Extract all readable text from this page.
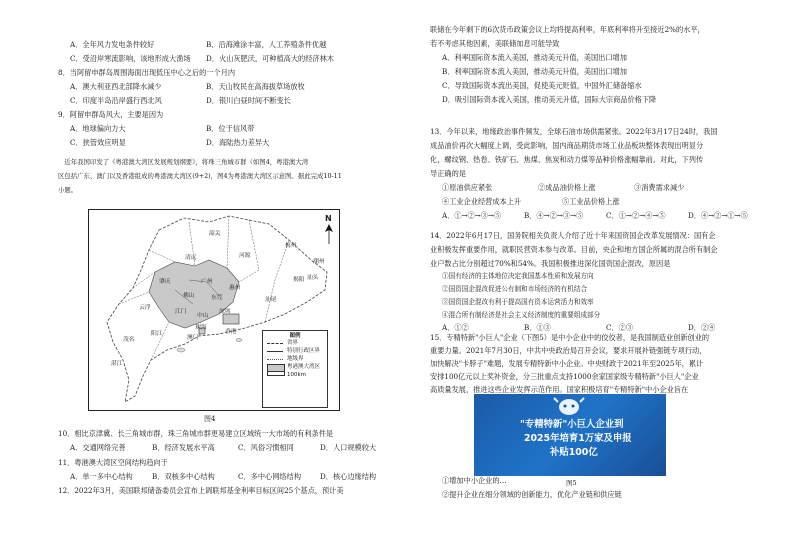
A．全年风力发电条件较好	B．沿海滩涂丰富，人工养殖条件优越
C．受沿岸寒流影响，该地形成大渔场 D．火山灰肥沃，可种植高大的经济林木
8．当阿留申群岛周围海面出现低压中心之后的一个月内
A．澳大利亚西北部降水减少	B．天山牧民在高海拔草场放牧
C．印度半岛沿岸盛行西北风	D．银川白昼时间不断变长
9．阿留申群岛风大，主要是因为
A．地球偏向力大	B．位于信风带
C．狭管效应明显	D．海陆热力差异大
　近年我国印发了《粤港澳大湾区发展规划纲要》，将珠三角城市群（如图4，粤港澳大湾
区包括广东、澳门以及香港组成的粤港澳大湾区(9+2)，图4为粤港澳大湾区示意图。据此完成10-11
小题。
10．相比京津冀、长三角城市群，珠三角城市群更易建立区域统一大市场的有利条件是
A．交通网络完善	B．经济发展水平高	C．风俗习惯相同	D．人口规模较大
11．粤港澳大湾区空间结构趋向于
A．单一多中心结构	B．双核多中心结构	C．多中心网络结构	D．核心边缘结构
12．2022年3月，美国联邦储备委员会宣布上调联邦基金利率目标区间25个基点，预计美
韶关
河源
梅州
清远
肇庆	广州
惠州
汕头
江门
东莞
深圳
中山
珠海
澳门
香港
佛山
云浮
阳江
茂名
湛江
汕尾
潮州
揭阳
N
图例
省界
特别行政区界
地级界
粤港澳大湾区
100km
图4
联储在今年剩下的6次货币政策会议上均将提高利率，年底利率将升至接近2%的水平，
若不考虑其他因素，美联储加息可能导致
A．利率国际资本流入美国，推动美元升值，美国出口增加
B．利率国际资本流入美国，推动美元升值，美国出口增加
C．导致国际资本流出美国，促使美元贬值，中国外汇储备缩水
D．吸引国际资本流入美国，推动美元升值，国际大宗商品价格下降
13．今年以来，地缘政治事件频发，全球石油市场供需紧张。2022年3月17日24时，我国
成品油价再次大幅度上调，受此影响，国内商品期货市场工业品板块整体表现出明显分
化，螺纹钢、热卷、铁矿石、焦煤、焦炭和动力煤等品种价格涨幅靠前。对此，下列传
导正确的是
①原油供应紧张	②成品油价格上涨	③消费需求减少
④工业企业经营成本上升	⑤工业品价格上涨
A．①→②→③→⑤	B．④→②→③→⑤	C．①→②→④→⑤	D．④→②→①→⑤
14．2022年6月17日，国务院相关负责人介绍了近十年来国资国企改革发展情况：国有企
业积极发挥重要作用，就职民营资本参与改革。目前，央企和地方国企所属的混合所有制企
业户数占比分别超过70%和54%。我国积极推进深化国资国企混改，原因是
①国有经济的主体地位决定我国基本性质和发展方向
②国资国企混改促进公有制和市场经济的有机结合
③国资国企混改有利于提高国有资本运营活力和效率
④混合所有制经济是社会主义经济制度的重要组成部分
A．①②	B．①③	C．②③	D．②④
15．专精特新"小巨人"企业（下图5）是中小企业中的佼佼者，是我国制造业创新创业的
重要力量。2021年7月30日，中共中央政治局召开会议，要求开展补链强链专项行动，
加快解决"卡脖子"难题，发展专精特新中小企业。中央财政于2021年至2025年，累计
安排100亿元以上奖补资金，分三批重点支持1000余家国家级专精特新"小巨人"企业
高质量发展，推进这些企业发挥示范作用。国家积极培育"专精特新"中小企业旨在
"专精特新"小巨人企业到
2025年培育1万家及申报
补贴100亿
图5
①增加中小企业的…
②提升企业在细分领域的创新能力，优化产业链和供应链
